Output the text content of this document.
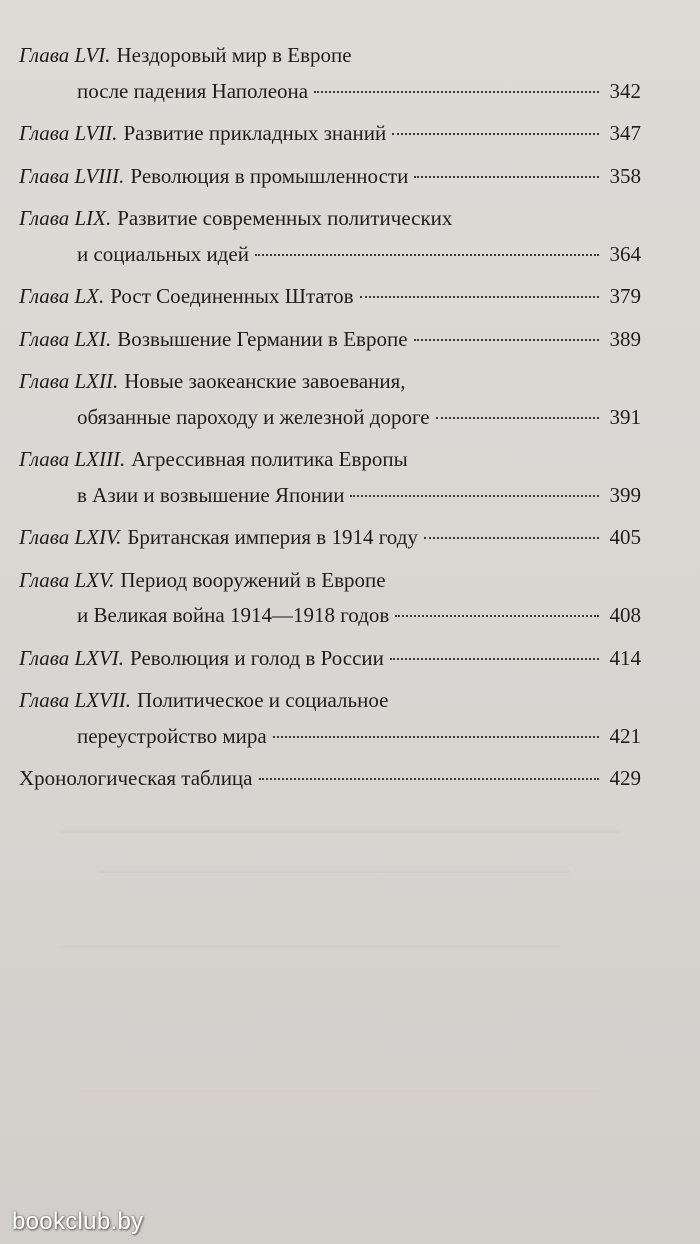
Глава LVI. Нездоровый мир в Европе
после падения Наполеона	342
Глава LVII. Развитие прикладных знаний	347
Глава LVIII. Революция в промышленности	358
Глава LIX. Развитие современных политических
и социальных идей	364
Глава LX. Рост Соединенных Штатов	379
Глава LXI. Возвышение Германии в Европе	389
Глава LXII. Новые заокеанские завоевания,
обязанные пароходу и железной дороге	391
Глава LXIII. Агрессивная политика Европы
в Азии и возвышение Японии	399
Глава LXIV. Британская империя в 1914 году	405
Глава LXV. Период вооружений в Европе
и Великая война 1914—1918 годов	408
Глава LXVI. Революция и голод в России	414
Глава LXVII. Политическое и социальное
переустройство мира	421
Хронологическая таблица	429
bookclub.by
